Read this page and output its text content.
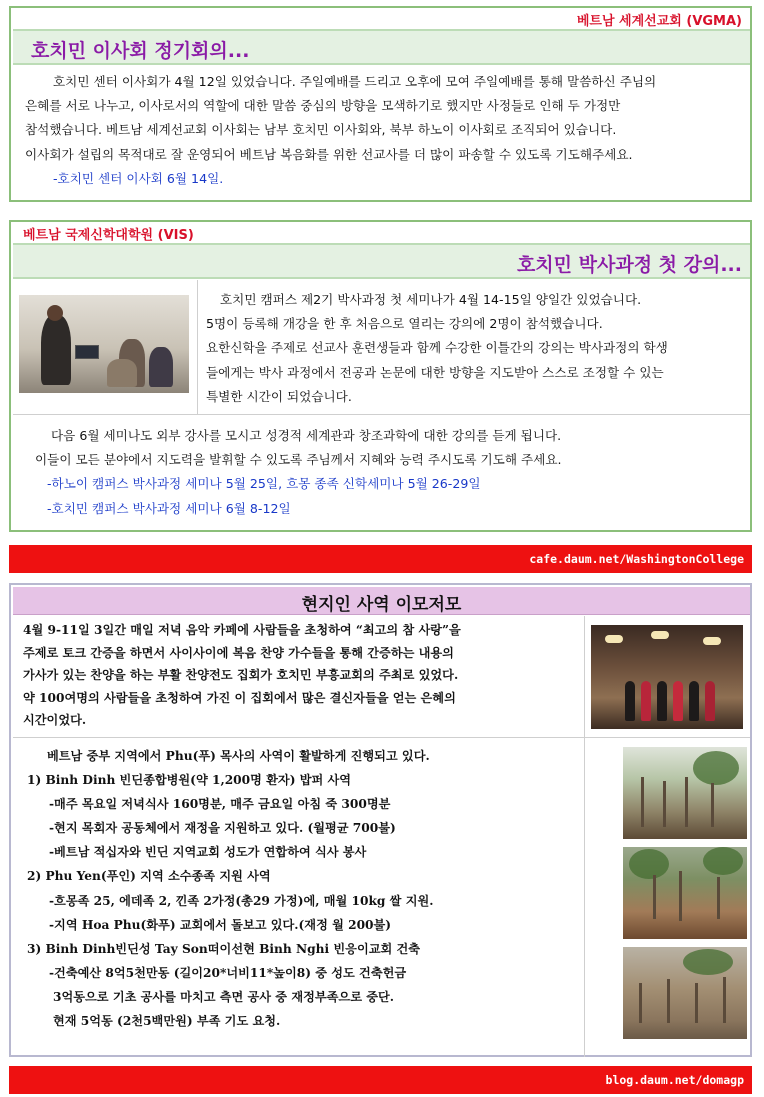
베트남 세계선교회 (VGMA)
호치민 이사회 정기회의...
호치민 센터 이사회가 4월 12일 있었습니다. 주일예배를 드리고 오후에 모여 주일예배를 통해 말씀하신 주님의
은혜를 서로 나누고, 이사로서의 역할에 대한 말씀 중심의 방향을 모색하기로 했지만 사정들로 인해 두 가정만
참석했습니다. 베트남 세계선교회 이사회는 남부 호치민 이사회와, 북부 하노이 이사회로 조직되어 있습니다.
이사회가 설립의 목적대로 잘 운영되어 베트남 복음화를 위한 선교사를 더 많이 파송할 수 있도록 기도해주세요.
-호치민 센터 이사회 6월 14일.
베트남 국제신학대학원 (VIS)
호치민 박사과정 첫 강의...
호치민 캠퍼스 제2기 박사과정 첫 세미나가 4월 14-15일 양일간 있었습니다.
5명이 등록해 개강을 한 후 처음으로 열리는 강의에 2명이 참석했습니다.
요한신학을 주제로 선교사 훈련생들과 함께 수강한 이틀간의 강의는 박사과정의 학생
들에게는 박사 과정에서 전공과 논문에 대한 방향을 지도받아 스스로 조정할 수 있는
특별한 시간이 되었습니다.
다음 6월 세미나도 외부 강사를 모시고 성경적 세계관과 창조과학에 대한 강의를 듣게 됩니다.
이들이 모든 분야에서 지도력을 발휘할 수 있도록 주님께서 지혜와 능력 주시도록 기도해 주세요.
-하노이 캠퍼스 박사과정 세미나 5월 25일, 흐몽 종족 신학세미나 5월 26-29일
-호치민 캠퍼스 박사과정 세미나 6월 8-12일
cafe.daum.net/WashingtonCollege
현지인 사역 이모저모
4월 9-11일 3일간 매일 저녁 음악 카페에 사람들을 초청하여 “최고의 참 사랑”을
주제로 토크 간증을 하면서 사이사이에 복음 찬양 가수들을 통해 간증하는 내용의
가사가 있는 찬양을 하는 부활 찬양전도 집회가 호치민 부흥교회의 주최로 있었다.
약 100여명의 사람들을 초청하여 가진 이 집회에서 많은 결신자들을 얻는 은혜의
시간이었다.
베트남 중부 지역에서 Phu(푸) 목사의 사역이 활발하게 진행되고 있다.
1) Binh Dinh 빈딘종합병원(약 1,200명 환자) 밥퍼 사역
-매주 목요일 저녁식사 160명분, 매주 금요일 아침 죽 300명분
-현지 목회자 공동체에서 재정을 지원하고 있다. (월평균 700불)
-베트남 적십자와 빈딘 지역교회 성도가 연합하여 식사 봉사
2) Phu Yen(푸인) 지역 소수종족 지원 사역
-흐몽족 25, 에데족 2, 낀족 2가정(총29 가정)에, 매월 10kg 쌀 지원.
-지역 Hoa Phu(화푸) 교회에서 돌보고 있다.(재정 월 200불)
3) Binh Dinh빈딘성 Tay Son떠이선현 Binh Nghi 빈응이교회 건축
-건축예산 8억5천만동 (길이20*너비11*높이8) 중 성도 건축헌금
3억동으로 기초 공사를 마치고 측면 공사 중 재정부족으로 중단.
현재 5억동 (2천5백만원) 부족 기도 요청.
blog.daum.net/domagp
